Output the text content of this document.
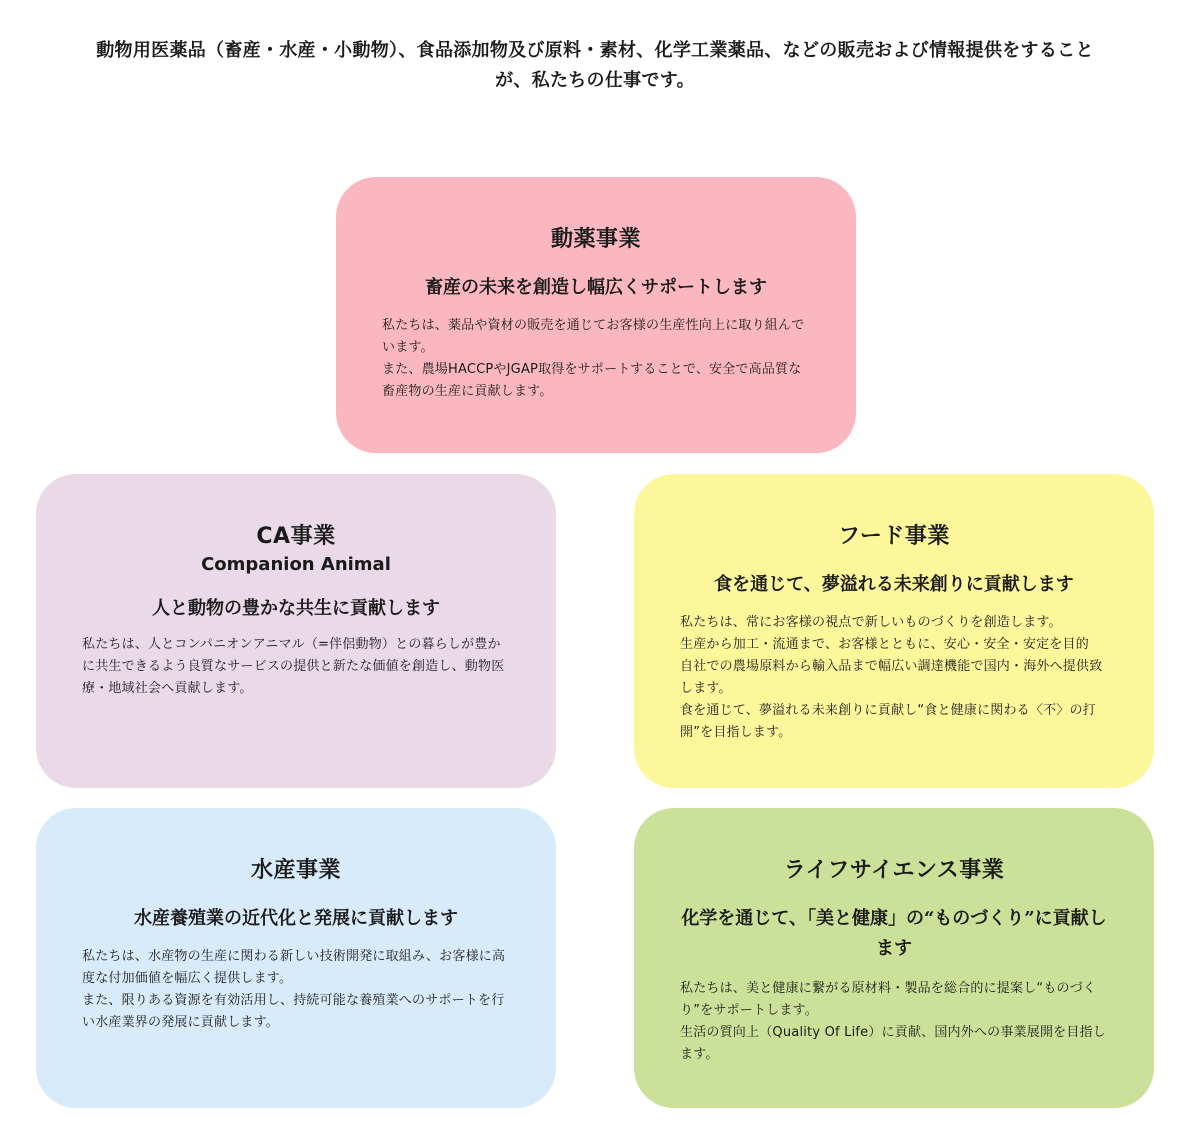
動物用医薬品（畜産・水産・小動物）、食品添加物及び原料・素材、化学工業薬品、などの販売および情報提供をすること
が、私たちの仕事です。
動薬事業

畜産の未来を創造し幅広くサポートします

私たちは、薬品や資材の販売を通じてお客様の生産性向上に取り組んでいます。
また、農場HACCPやJGAP取得をサポートすることで、安全で高品質な畜産物の生産に貢献します。

CA事業

Companion Animal

人と動物の豊かな共生に貢献します

私たちは、人とコンパニオンアニマル（=伴侶動物）との暮らしが豊かに共生できるよう良質なサービスの提供と新たな価値を創造し、動物医療・地域社会へ貢献します。

フード事業

食を通じて、夢溢れる未来創りに貢献します

私たちは、常にお客様の視点で新しいものづくりを創造します。
生産から加工・流通まで、お客様とともに、安心・安全・安定を目的
自社での農場原料から輸入品まで幅広い調達機能で国内・海外へ提供致します。
食を通じて、夢溢れる未来創りに貢献し“食と健康に関わる〈不〉の打開”を目指します。

水産事業

水産養殖業の近代化と発展に貢献します

私たちは、水産物の生産に関わる新しい技術開発に取組み、お客様に高度な付加価値を幅広く提供します。
また、限りある資源を有効活用し、持続可能な養殖業へのサポートを行い水産業界の発展に貢献します。

ライフサイエンス事業

化学を通じて、「美と健康」の“ものづくり”に貢献します

私たちは、美と健康に繋がる原材料・製品を総合的に提案し“ものづくり”をサポートします。
生活の質向上（Quality Of Life）に貢献、国内外への事業展開を目指します。
